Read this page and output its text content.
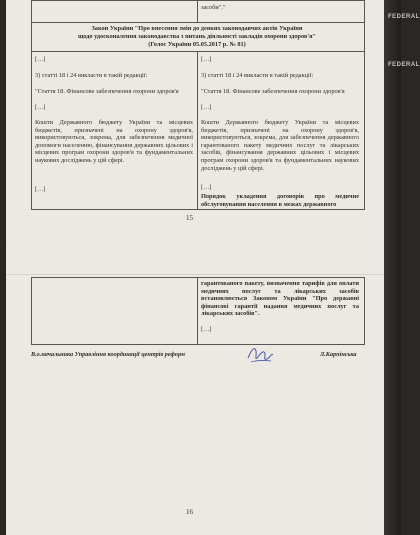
FEDERAL
FEDERAL
засоби"."
Закон України "Про внесення змін до деяких законодавчих актів України
щодо удосконалення законодавства з питань діяльності закладів охорони здоров'я"
(Голос України 05.05.2017 р. № 81)
[…]
3) статті 18 і 24 викласти в такій редакції:
"Стаття 18. Фінансове забезпечення охорони здоров'я
[…]
Кошти Державного бюджету України та місцевих бюджетів, призначені на охорону здоров'я, використовуються, зокрема, для забезпечення медичної допомоги населенню, фінансування державних цільових і місцевих програм охорони здоров'я та фундаментальних наукових досліджень у цій сфері.
[…]
[…]
3) статті 18 і 24 викласти в такій редакції:
"Стаття 18. Фінансове забезпечення охорони здоров'я
[…]
Кошти Державного бюджету України та місцевих бюджетів, призначені на охорону здоров'я, використовуються, зокрема, для забезпечення державного гарантованого пакету медичних послуг та лікарських засобів, фінансування державних цільових і місцевих програм охорони здоров'я та фундаментальних наукових досліджень у цій сфері.
[…]
Порядок укладення договорів про медичне обслуговування населення в межах державного
15
-28-
гарантованого пакету, визначення тарифів для оплати медичних послуг та лікарських засобів встановлюється Законом України "Про державні фінансові гарантії надання медичних послуг та лікарських засобів".
[…]
В.о.начальника Управління координації центрів реформ	Л.Карпінська
16
